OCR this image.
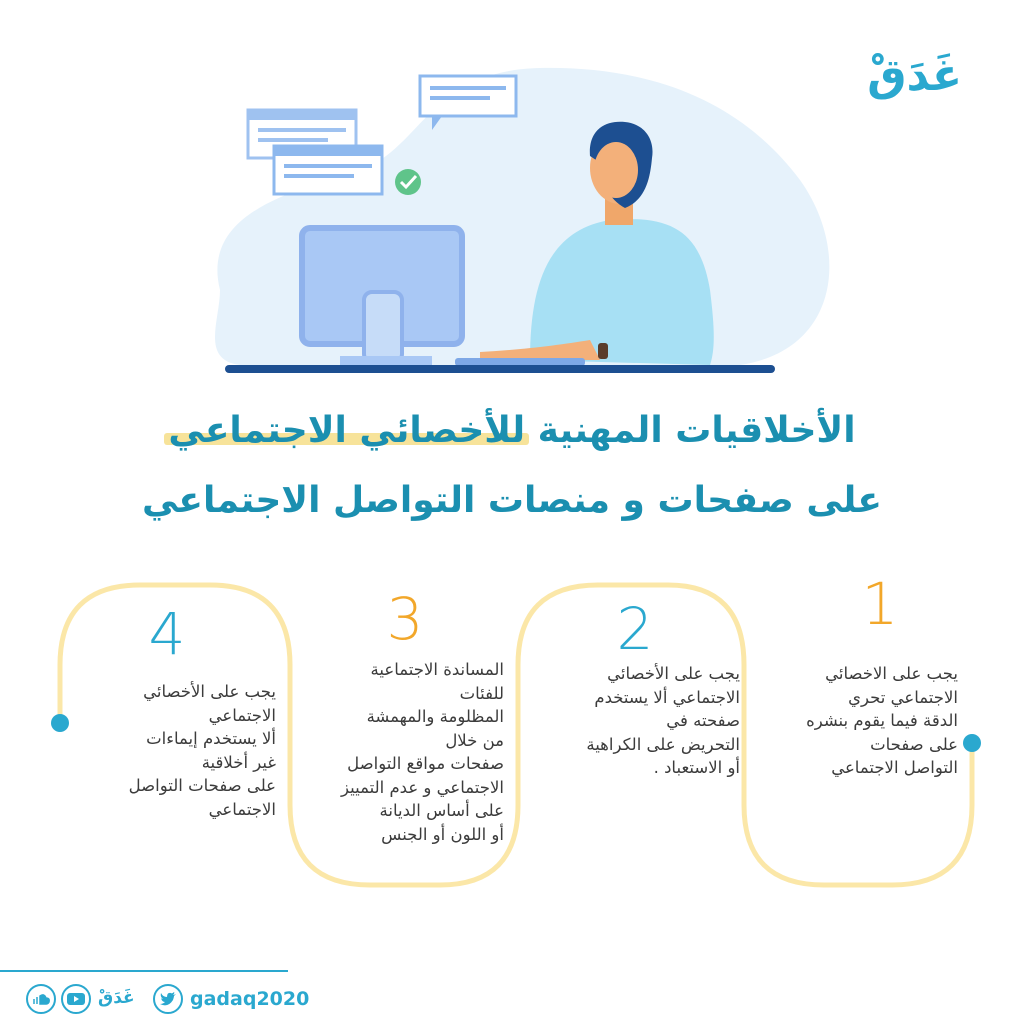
غَدَقْ
الأخلاقيات المهنية للأخصائي الاجتماعي
على صفحات و منصات التواصل الاجتماعي
1
2
3
4
يجب على الاخصائي
الاجتماعي تحري
الدقة فيما يقوم بنشره
على صفحات
التواصل الاجتماعي
يجب على الأخصائي
الاجتماعي ألا يستخدم
صفحته في
التحريض على الكراهية
أو الاستعباد .
المساندة الاجتماعية
للفئات
المظلومة والمهمشة
من خلال
صفحات مواقع التواصل
الاجتماعي و عدم التمييز
على أساس الديانة
أو اللون أو الجنس
يجب على الأخصائي
الاجتماعي
ألا يستخدم إيماءات
غير أخلاقية
على صفحات التواصل
الاجتماعي
غَدَقْ	gadaq2020
